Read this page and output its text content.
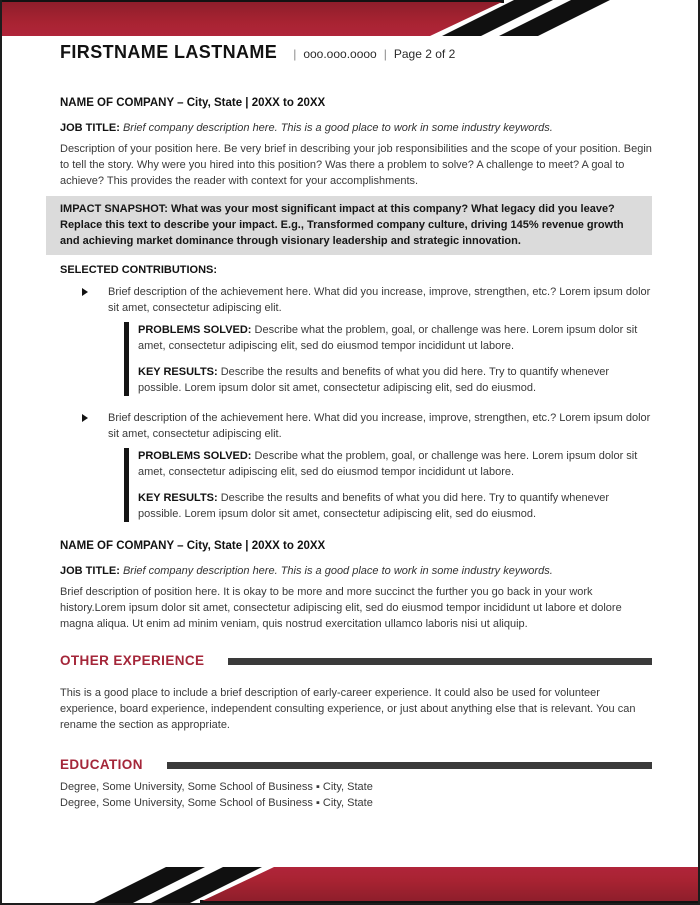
FIRSTNAME LASTNAME	| ooo.ooo.oooo | Page 2 of 2

NAME OF COMPANY – City, State | 20XX to 20XX

JOB TITLE: Brief company description here. This is a good place to work in some industry keywords.

Description of your position here. Be very brief in describing your job responsibilities and the scope of your position. Begin to tell the story. Why were you hired into this position? Was there a problem to solve? A challenge to meet? A goal to achieve? This provides the reader with context for your accomplishments.

IMPACT SNAPSHOT: What was your most significant impact at this company? What legacy did you leave? Replace this text to describe your impact. E.g., Transformed company culture, driving 145% revenue growth and achieving market dominance through visionary leadership and strategic innovation.

SELECTED CONTRIBUTIONS:

Brief description of the achievement here. What did you increase, improve, strengthen, etc.? Lorem ipsum dolor sit amet, consectetur adipiscing elit.

PROBLEMS SOLVED: Describe what the problem, goal, or challenge was here. Lorem ipsum dolor sit amet, consectetur adipiscing elit, sed do eiusmod tempor incididunt ut labore.

KEY RESULTS: Describe the results and benefits of what you did here. Try to quantify whenever possible. Lorem ipsum dolor sit amet, consectetur adipiscing elit, sed do eiusmod.

Brief description of the achievement here. What did you increase, improve, strengthen, etc.? Lorem ipsum dolor sit amet, consectetur adipiscing elit.

PROBLEMS SOLVED: Describe what the problem, goal, or challenge was here. Lorem ipsum dolor sit amet, consectetur adipiscing elit, sed do eiusmod tempor incididunt ut labore.

KEY RESULTS: Describe the results and benefits of what you did here. Try to quantify whenever possible. Lorem ipsum dolor sit amet, consectetur adipiscing elit, sed do eiusmod.

NAME OF COMPANY – City, State | 20XX to 20XX

JOB TITLE: Brief company description here. This is a good place to work in some industry keywords.

Brief description of position here. It is okay to be more and more succinct the further you go back in your work history.Lorem ipsum dolor sit amet, consectetur adipiscing elit, sed do eiusmod tempor incididunt ut labore et dolore magna aliqua. Ut enim ad minim veniam, quis nostrud exercitation ullamco laboris nisi ut aliquip.

OTHER EXPERIENCE

This is a good place to include a brief description of early-career experience. It could also be used for volunteer experience, board experience, independent consulting experience, or just about anything else that is relevant. You can rename the section as appropriate.

EDUCATION

Degree, Some University, Some School of Business ▪ City, State

Degree, Some University, Some School of Business ▪ City, State
